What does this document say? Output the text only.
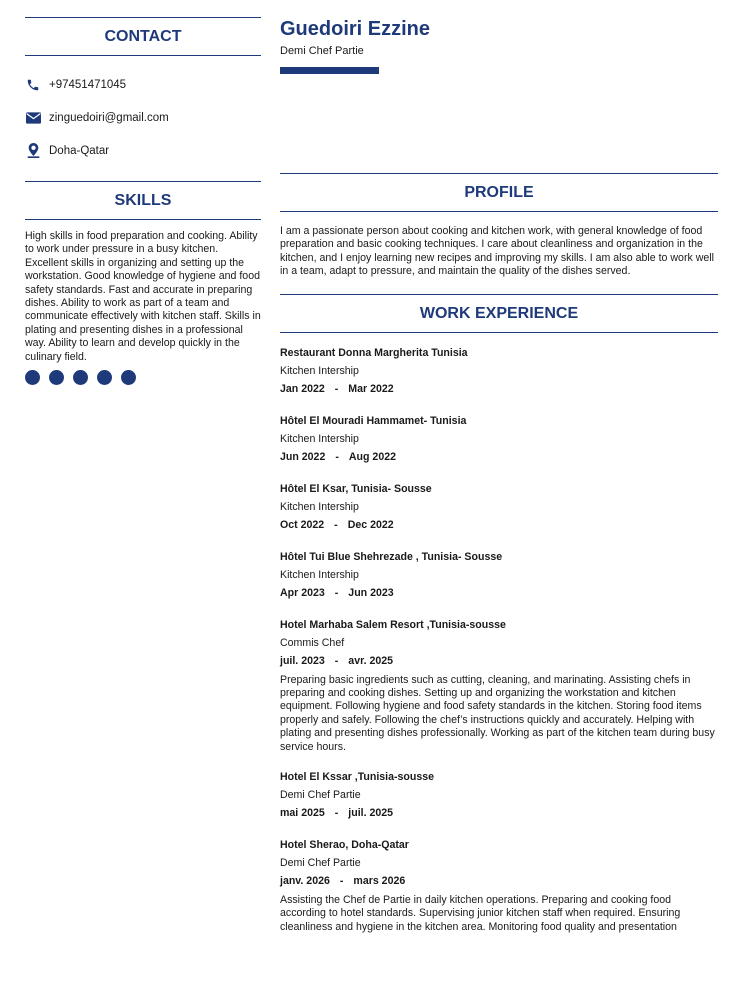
CONTACT
+97451471045
zinguedoiri@gmail.com
Doha-Qatar
SKILLS
High skills in food preparation and cooking. Ability to work under pressure in a busy kitchen. Excellent skills in organizing and setting up the workstation. Good knowledge of hygiene and food safety standards. Fast and accurate in preparing dishes. Ability to work as part of a team and communicate effectively with kitchen staff. Skills in plating and presenting dishes in a professional way. Ability to learn and develop quickly in the culinary field.
Guedoiri Ezzine
Demi Chef Partie
PROFILE
I am a passionate person about cooking and kitchen work, with general knowledge of food preparation and basic cooking techniques. I care about cleanliness and organization in the kitchen, and I enjoy learning new recipes and improving my skills. I am also able to work well in a team, adapt to pressure, and maintain the quality of the dishes served.
WORK EXPERIENCE
Restaurant Donna Margherita Tunisia
Kitchen Intership
Jan 2022 - Mar 2022
Hôtel El Mouradi Hammamet- Tunisia
Kitchen Intership
Jun 2022 - Aug 2022
Hôtel El Ksar, Tunisia- Sousse
Kitchen Intership
Oct 2022 - Dec 2022
Hôtel Tui Blue Shehrezade , Tunisia- Sousse
Kitchen Intership
Apr 2023 - Jun 2023
Hotel Marhaba Salem Resort ,Tunisia-sousse
Commis Chef
juil. 2023 - avr. 2025
Preparing basic ingredients such as cutting, cleaning, and marinating. Assisting chefs in preparing and cooking dishes. Setting up and organizing the workstation and kitchen equipment. Following hygiene and food safety standards in the kitchen. Storing food items properly and safely. Following the chef’s instructions quickly and accurately. Helping with plating and presenting dishes professionally. Working as part of the kitchen team during busy service hours.
Hotel El Kssar ,Tunisia-sousse
Demi Chef Partie
mai 2025 - juil. 2025
Hotel Sherao, Doha-Qatar
Demi Chef Partie
janv. 2026 - mars 2026
Assisting the Chef de Partie in daily kitchen operations. Preparing and cooking food according to hotel standards. Supervising junior kitchen staff when required. Ensuring cleanliness and hygiene in the kitchen area. Monitoring food quality and presentation
